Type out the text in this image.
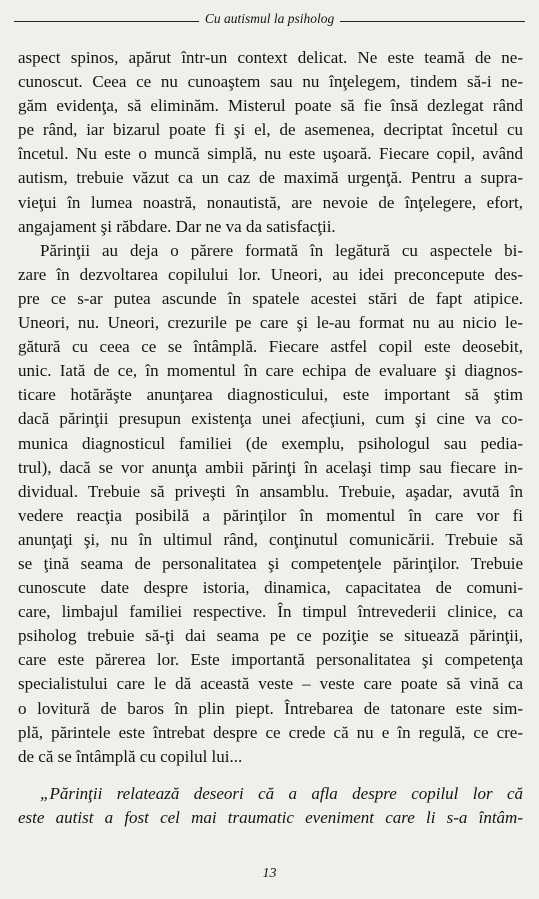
Cu autismul la psiholog
aspect spinos, apărut într-un context delicat. Ne este teamă de ne-
cunoscut. Ceea ce nu cunoaştem sau nu înţelegem, tindem să-i ne-
găm evidenţa, să eliminăm. Misterul poate să fie însă dezlegat rând
pe rând, iar bizarul poate fi şi el, de asemenea, decriptat încetul cu
încetul. Nu este o muncă simplă, nu este uşoară. Fiecare copil, având
autism, trebuie văzut ca un caz de maximă urgenţă. Pentru a supra-
vieţui în lumea noastră, nonautistă, are nevoie de înţelegere, efort,
angajament şi răbdare. Dar ne va da satisfacţii.
Părinţii au deja o părere formată în legătură cu aspectele bi-
zare în dezvoltarea copilului lor. Uneori, au idei preconcepute des-
pre ce s-ar putea ascunde în spatele acestei stări de fapt atipice.
Uneori, nu. Uneori, crezurile pe care şi le-au format nu au nicio le-
gătură cu ceea ce se întâmplă. Fiecare astfel copil este deosebit,
unic. Iată de ce, în momentul în care echipa de evaluare şi diagnos-
ticare hotărăşte anunţarea diagnosticului, este important să ştim
dacă părinţii presupun existenţa unei afecţiuni, cum şi cine va co-
munica diagnosticul familiei (de exemplu, psihologul sau pedia-
trul), dacă se vor anunţa ambii părinţi în acelaşi timp sau fiecare in-
dividual. Trebuie să priveşti în ansamblu. Trebuie, aşadar, avută în
vedere reacţia posibilă a părinţilor în momentul în care vor fi
anunţaţi şi, nu în ultimul rând, conţinutul comunicării. Trebuie să
se ţină seama de personalitatea şi competenţele părinţilor. Trebuie
cunoscute date despre istoria, dinamica, capacitatea de comuni-
care, limbajul familiei respective. În timpul întrevederii clinice, ca
psiholog trebuie să-ţi dai seama pe ce poziţie se situează părinţii,
care este părerea lor. Este importantă personalitatea şi competenţa
specialistului care le dă această veste – veste care poate să vină ca
o lovitură de baros în plin piept. Întrebarea de tatonare este sim-
plă, părintele este întrebat despre ce crede că nu e în regulă, ce cre-
de că se întâmplă cu copilul lui...
„Părinţii relatează deseori că a afla despre copilul lor că
este autist a fost cel mai traumatic eveniment care li s-a întâm-
13
